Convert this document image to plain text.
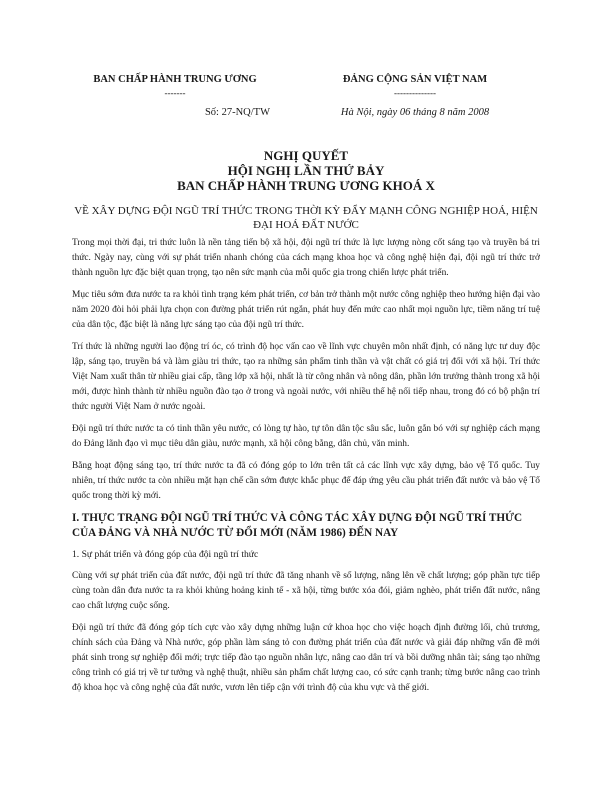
BAN CHẤP HÀNH TRUNG ƯƠNG
-------
Số: 27-NQ/TW
ĐẢNG CỘNG SẢN VIỆT NAM
--------------
Hà Nội, ngày 06 tháng 8 năm 2008
NGHỊ QUYẾT
HỘI NGHỊ LẦN THỨ BẢY
BAN CHẤP HÀNH TRUNG ƯƠNG KHOÁ X
VỀ XÂY DỰNG ĐỘI NGŨ TRÍ THỨC TRONG THỜI KỲ ĐẨY MẠNH CÔNG NGHIỆP HOÁ, HIỆN ĐẠI HOÁ ĐẤT NƯỚC

Trong mọi thời đại, tri thức luôn là nền tảng tiến bộ xã hội, đội ngũ trí thức là lực lượng nòng cốt sáng tạo và truyền bá tri thức. Ngày nay, cùng với sự phát triển nhanh chóng của cách mạng khoa học và công nghệ hiện đại, đội ngũ trí thức trở thành nguồn lực đặc biệt quan trọng, tạo nên sức mạnh của mỗi quốc gia trong chiến lược phát triển.

Mục tiêu sớm đưa nước ta ra khỏi tình trạng kém phát triển, cơ bản trở thành một nước công nghiệp theo hướng hiện đại vào năm 2020 đòi hỏi phải lựa chọn con đường phát triển rút ngắn, phát huy đến mức cao nhất mọi nguồn lực, tiềm năng trí tuệ của dân tộc, đặc biệt là năng lực sáng tạo của đội ngũ trí thức.

Trí thức là những người lao động trí óc, có trình độ học vấn cao về lĩnh vực chuyên môn nhất định, có năng lực tư duy độc lập, sáng tạo, truyền bá và làm giàu tri thức, tạo ra những sản phẩm tinh thần và vật chất có giá trị đối với xã hội. Trí thức Việt Nam xuất thân từ nhiều giai cấp, tầng lớp xã hội, nhất là từ công nhân và nông dân, phần lớn trưởng thành trong xã hội mới, được hình thành từ nhiều nguồn đào tạo ở trong và ngoài nước, với nhiều thế hệ nối tiếp nhau, trong đó có bộ phận trí thức người Việt Nam ở nước ngoài.

Đội ngũ trí thức nước ta có tinh thần yêu nước, có lòng tự hào, tự tôn dân tộc sâu sắc, luôn gắn bó với sự nghiệp cách mạng do Đảng lãnh đạo vì mục tiêu dân giàu, nước mạnh, xã hội công bằng, dân chủ, văn minh.

Bằng hoạt động sáng tạo, trí thức nước ta đã có đóng góp to lớn trên tất cả các lĩnh vực xây dựng, bảo vệ Tổ quốc. Tuy nhiên, trí thức nước ta còn nhiều mặt hạn chế cần sớm được khắc phục để đáp ứng yêu cầu phát triển đất nước và bảo vệ Tổ quốc trong thời kỳ mới.

I. THỰC TRẠNG ĐỘI NGŨ TRÍ THỨC VÀ CÔNG TÁC XÂY DỰNG ĐỘI NGŨ TRÍ THỨC CỦA ĐẢNG VÀ NHÀ NƯỚC TỪ ĐỔI MỚI (NĂM 1986) ĐẾN NAY
1. Sự phát triển và đóng góp của đội ngũ trí thức

Cùng với sự phát triển của đất nước, đội ngũ trí thức đã tăng nhanh về số lượng, nâng lên về chất lượng; góp phần tực tiếp cùng toàn dân đưa nước ta ra khỏi khủng hoảng kinh tế - xã hội, từng bước xóa đói, giảm nghèo, phát triển đất nước, nâng cao chất lượng cuộc sống.

Đội ngũ trí thức đã đóng góp tích cực vào xây dựng những luận cứ khoa học cho việc hoạch định đường lối, chủ trương, chính sách của Đảng và Nhà nước, góp phần làm sáng tỏ con đường phát triển của đất nước và giải đáp những vấn đề mới phát sinh trong sự nghiệp đổi mới; trực tiếp đào tạo nguồn nhân lực, nâng cao dân trí và bồi dưỡng nhân tài; sáng tạo những công trình có giá trị về tư tưởng và nghệ thuật, nhiều sản phẩm chất lượng cao, có sức cạnh tranh; từng bước nâng cao trình độ khoa học và công nghệ của đất nước, vươn lên tiếp cận với trình độ của khu vực và thế giới.
